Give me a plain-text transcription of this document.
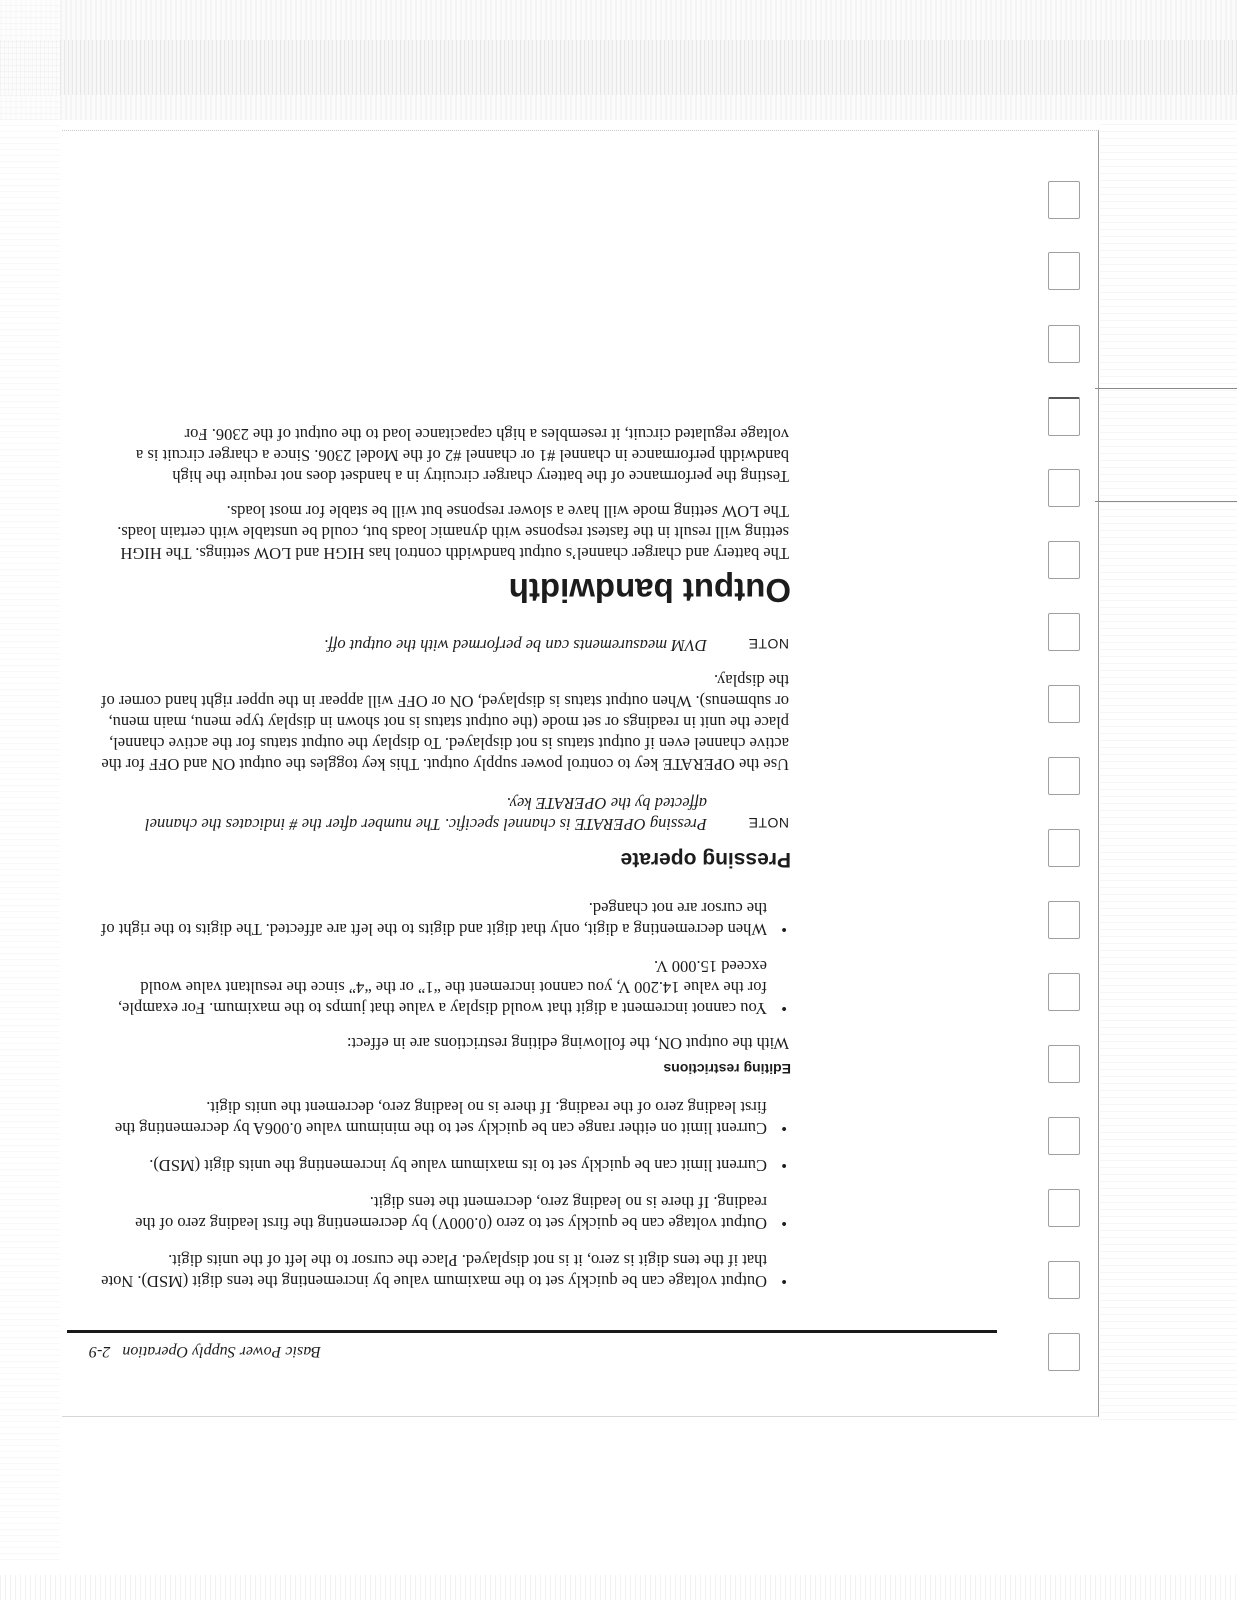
Basic Power Supply Operation   2-9
• Output voltage can be quickly set to the maximum value by incrementing the tens digit (MSD). Note that if the tens digit is zero, it is not displayed. Place the cursor to the left of the units digit.
• Output voltage can be quickly set to zero (0.000V) by decrementing the first leading zero of the reading. If there is no leading zero, decrement the tens digit.
• Current limit can be quickly set to its maximum value by incrementing the units digit (MSD).
• Current limit on either range can be quickly set to the minimum value 0.006A by decrementing the first leading zero of the reading. If there is no leading zero, decrement the units digit.
Editing restrictions

With the output ON, the following editing restrictions are in effect:

• You cannot increment a digit that would display a value that jumps to the maximum. For example, for the value 14.200 V, you cannot increment the “1” or the “4” since the resultant value would exceed 15.000 V.
• When decrementing a digit, only that digit and digits to the left are affected. The digits to the right of the cursor are not changed.
Pressing operate
NOTE
Pressing OPERATE is channel specific. The number after the # indicates the channel affected by the OPERATE key.

Use the OPERATE key to control power supply output. This key toggles the output ON and OFF for the active channel even if output status is not displayed. To display the output status for the active channel, place the unit in readings or set mode (the output status is not shown in display type menu, main menu, or submenus). When output status is displayed, ON or OFF will appear in the upper right hand corner of the display.

NOTE
DVM measurements can be performed with the output off.
Output bandwidth

The battery and charger channel’s output bandwidth control has HIGH and LOW settings. The HIGH setting will result in the fastest response with dynamic loads but, could be unstable with certain loads. The LOW setting mode will have a slower response but will be stable for most loads.

Testing the performance of the battery charger circuitry in a handset does not require the high bandwidth performance in channel #1 or channel #2 of the Model 2306. Since a charger circuit is a voltage regulated circuit, it resembles a high capacitance load to the output of the 2306. For
